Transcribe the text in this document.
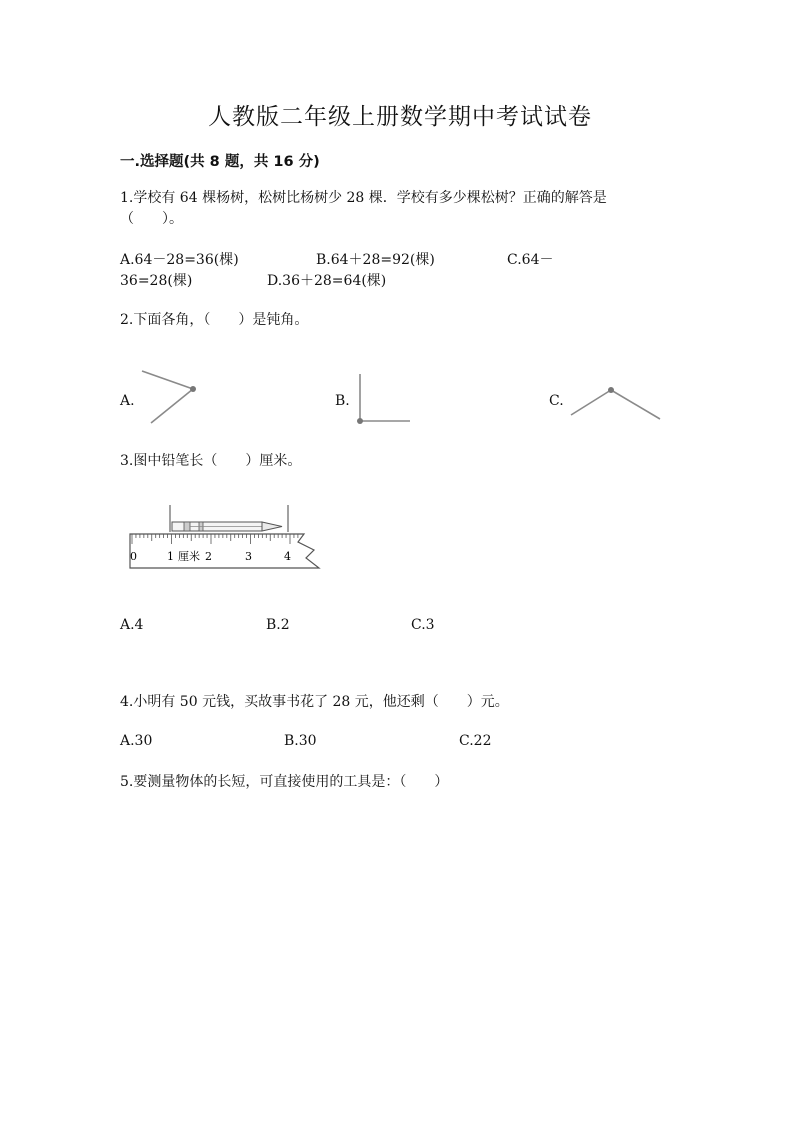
人教版二年级上册数学期中考试试卷
一.选择题(共 8 题，共 16 分)
1.学校有 64 棵杨树，松树比杨树少 28 棵．学校有多少棵松树？正确的解答是
（　　）。
A.64－28=36(棵)	B.64＋28=92(棵)	C.64－
36=28(棵)	D.36＋28=64(棵)
2.下面各角，（　　）是钝角。
A.	B.	C.
3.图中铅笔长（　　）厘米。
0	1 厘米 2	3	4
A.4	B.2	C.3
4.小明有 50 元钱，买故事书花了 28 元，他还剩（　　）元。
A.30	B.30	C.22
5.要测量物体的长短，可直接使用的工具是：（　　）
